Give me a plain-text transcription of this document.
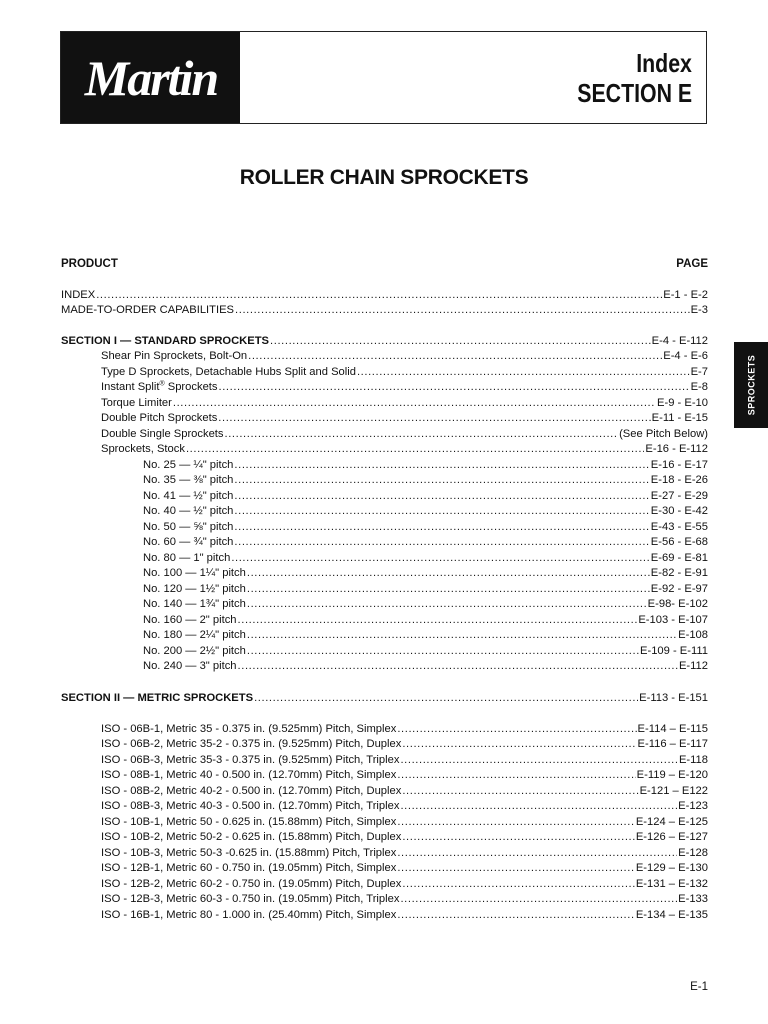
Martin	Index
SECTION E
ROLLER CHAIN SPROCKETS
PRODUCT	PAGE
INDEX .....	E-1 - E-2
MADE-TO-ORDER CAPABILITIES .....	E-3
SECTION I — STANDARD SPROCKETS .....	E-4 - E-112
Shear Pin Sprockets, Bolt-On .....	E-4 - E-6
Type D Sprockets, Detachable Hubs Split and Solid .....	E-7
Instant Split® Sprockets .....	E-8
Torque Limiter .....	E-9 - E-10
Double Pitch Sprockets .....	E-11 - E-15
Double Single Sprockets .....	(See Pitch Below)
Sprockets, Stock .....	E-16 - E-112
No. 25 — ¼" pitch .....	E-16 - E-17
No. 35 — ⅜" pitch .....	E-18 - E-26
No. 41 — ½" pitch .....	E-27 - E-29
No. 40 — ½" pitch .....	E-30 - E-42
No. 50 — ⅝" pitch .....	E-43 - E-55
No. 60 — ¾" pitch .....	E-56 - E-68
No. 80 — 1" pitch .....	E-69 - E-81
No. 100 — 1¼" pitch .....	E-82 - E-91
No. 120 — 1½" pitch .....	E-92 - E-97
No. 140 — 1¾" pitch .....	E-98- E-102
No. 160 — 2" pitch .....	E-103 - E-107
No. 180 — 2¼" pitch .....	E-108
No. 200 — 2½" pitch .....	E-109 - E-111
No. 240 — 3" pitch .....	E-112
SECTION II — METRIC SPROCKETS .....	E-113 - E-151
ISO - 06B-1, Metric 35 - 0.375 in. (9.525mm) Pitch, Simplex .....	E-114 – E-115
ISO - 06B-2, Metric 35-2 - 0.375 in. (9.525mm) Pitch, Duplex .....	E-116 – E-117
ISO - 06B-3, Metric 35-3 - 0.375 in. (9.525mm) Pitch, Triplex .....	E-118
ISO - 08B-1, Metric 40 - 0.500 in. (12.70mm) Pitch, Simplex .....	E-119 – E-120
ISO - 08B-2, Metric 40-2 - 0.500 in. (12.70mm) Pitch, Duplex .....	E-121 – E122
ISO - 08B-3, Metric 40-3 - 0.500 in. (12.70mm) Pitch, Triplex .....	E-123
ISO - 10B-1, Metric 50 - 0.625 in. (15.88mm) Pitch, Simplex .....	E-124 – E-125
ISO - 10B-2, Metric 50-2 - 0.625 in. (15.88mm) Pitch, Duplex .....	E-126 – E-127
ISO - 10B-3, Metric 50-3 -0.625 in. (15.88mm) Pitch, Triplex .....	E-128
ISO - 12B-1, Metric 60 - 0.750 in. (19.05mm) Pitch, Simplex .....	E-129 – E-130
ISO - 12B-2, Metric 60-2 - 0.750 in. (19.05mm) Pitch, Duplex .....	E-131 – E-132
ISO - 12B-3, Metric 60-3 - 0.750 in. (19.05mm) Pitch, Triplex .....	E-133
ISO - 16B-1, Metric 80 - 1.000 in. (25.40mm) Pitch, Simplex .....	E-134 – E-135
SPROCKETS
E-1
